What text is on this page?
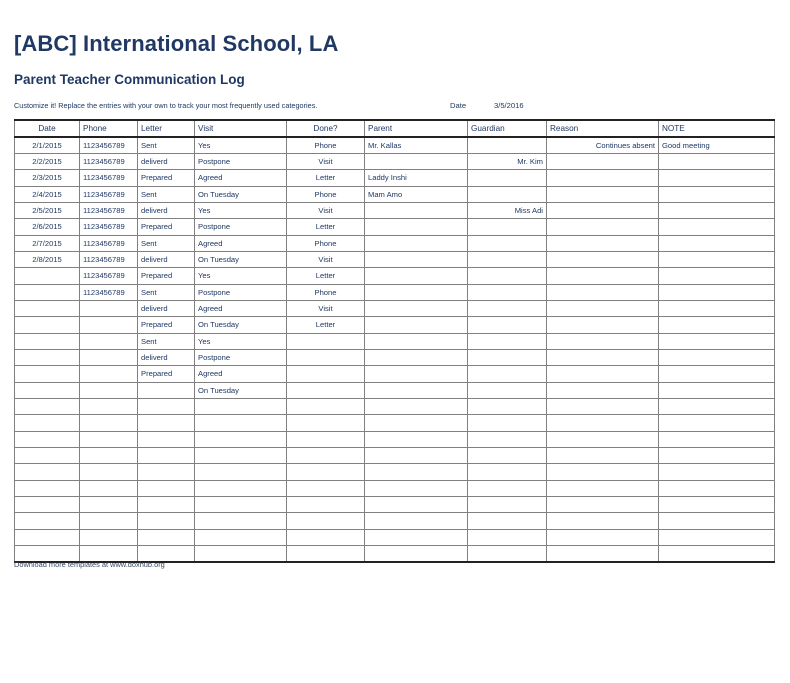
[ABC] International School, LA
Parent Teacher Communication Log
Customize it! Replace the entries with your own to track your most frequently used categories.	Date	3/5/2016
Date	Phone	Letter	Visit	Done?	Parent	Guardian	Reason	NOTE
2/1/2015	1123456789	Sent	Yes	Phone	Mr. Kallas		Continues absent	Good meeting
2/2/2015	1123456789	deliverd	Postpone	Visit		Mr. Kim		
2/3/2015	1123456789	Prepared	Agreed	Letter	Laddy Inshi			
2/4/2015	1123456789	Sent	On Tuesday	Phone	Mam Amo			
2/5/2015	1123456789	deliverd	Yes	Visit		Miss Adi		
2/6/2015	1123456789	Prepared	Postpone	Letter				
2/7/2015	1123456789	Sent	Agreed	Phone				
2/8/2015	1123456789	deliverd	On Tuesday	Visit				
	1123456789	Prepared	Yes	Letter				
	1123456789	Sent	Postpone	Phone				
		deliverd	Agreed	Visit				
		Prepared	On Tuesday	Letter				
		Sent	Yes					
		deliverd	Postpone					
		Prepared	Agreed					
			On Tuesday					

Download more templates at www.doxhub.org
